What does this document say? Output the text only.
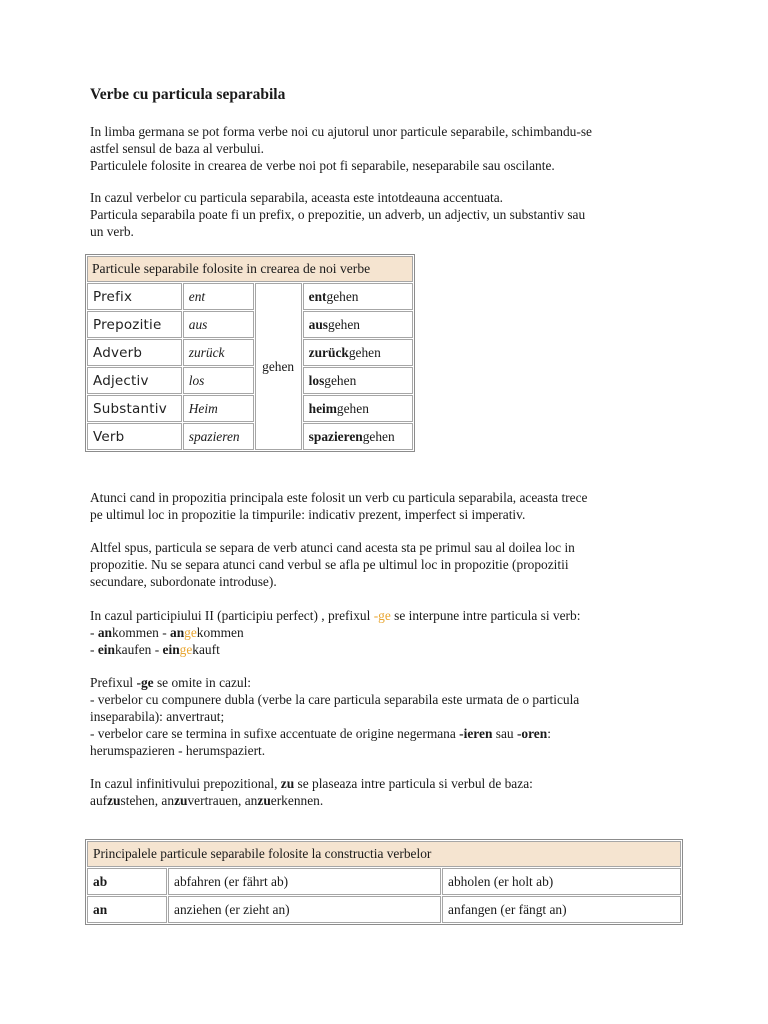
Verbe cu particula separabila
In limba germana se pot forma verbe noi cu ajutorul unor particule separabile, schimbandu-se
astfel sensul de baza al verbului.
Particulele folosite in crearea de verbe noi pot fi separabile, neseparabile sau oscilante.
In cazul verbelor cu particula separabila, aceasta este intotdeauna accentuata.
Particula separabila poate fi un prefix, o prepozitie, un adverb, un adjectiv, un substantiv sau
un verb.
Particule separabile folosite in crearea de noi verbe			
Prefix	ent	gehen	entgehen
Prepozitie	aus		ausgehen
Adverb	zurück		zurückgehen
Adjectiv	los		losgehen
Substantiv	Heim		heimgehen
Verb	spazieren		spazierengehen
Atunci cand in propozitia principala este folosit un verb cu particula separabila, aceasta trece
pe ultimul loc in propozitie la timpurile: indicativ prezent, imperfect si imperativ.
Altfel spus, particula se separa de verb atunci cand acesta sta pe primul sau al doilea loc in
propozitie. Nu se separa atunci cand verbul se afla pe ultimul loc in propozitie (propozitii
secundare, subordonate introduse).
In cazul participiului II (participiu perfect) , prefixul -ge se interpune intre particula si verb:
- ankommen - angekommen
- einkaufen - eingekauft
Prefixul -ge se omite in cazul:
- verbelor cu compunere dubla (verbe la care particula separabila este urmata de o particula
inseparabila): anvertraut;
- verbelor care se termina in sufixe accentuate de origine negermana -ieren sau -oren:
herumspazieren - herumspaziert.
In cazul infinitivului prepozitional, zu se plaseaza intre particula si verbul de baza:
aufzustehen, anzuvertrauen, anzuerkennen.
Principalele particule separabile folosite la constructia verbelor		
ab	abfahren (er fährt ab)	abholen (er holt ab)
an	anziehen (er zieht an)	anfangen (er fängt an)
